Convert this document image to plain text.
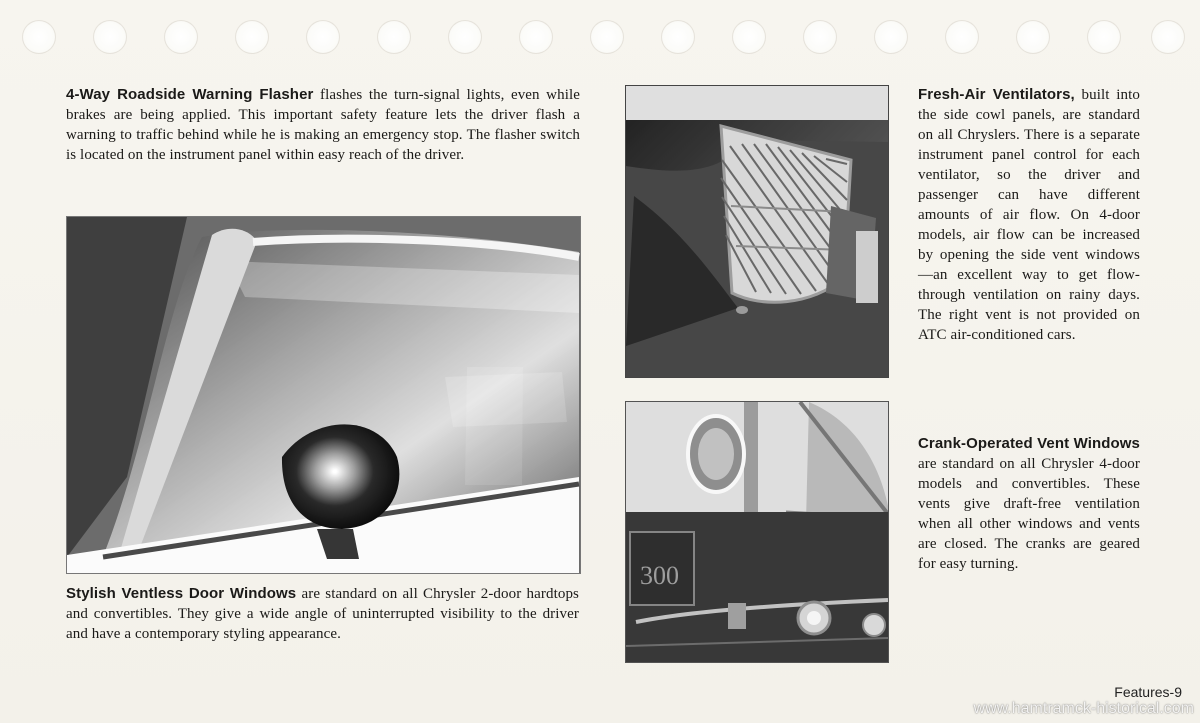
4-Way Roadside Warning Flasher flashes the turn-signal lights, even while brakes are being applied. This important safety feature lets the driver flash a warning to traffic behind while he is making an emergency stop. The flasher switch is located on the instrument panel within easy reach of the driver.
Stylish Ventless Door Windows are standard on all Chrysler 2-door hardtops and convertibles. They give a wide angle of uninterrupted visibility to the driver and have a contemporary styling appearance.
Fresh-Air Ventilators, built into the side cowl panels, are standard on all Chryslers. There is a separate instrument panel control for each ventilator, so the driver and passenger can have different amounts of air flow. On 4-door models, air flow can be increased by opening the side vent windows—an excellent way to get flow-through ventilation on rainy days. The right vent is not provided on ATC air-conditioned cars.
300
Crank-Operated Vent Windows are standard on all Chrysler 4-door models and convertibles. These vents give draft-free ventilation when all other windows and vents are closed. The cranks are geared for easy turning.
Features-9
www.hamtramck-historical.com
